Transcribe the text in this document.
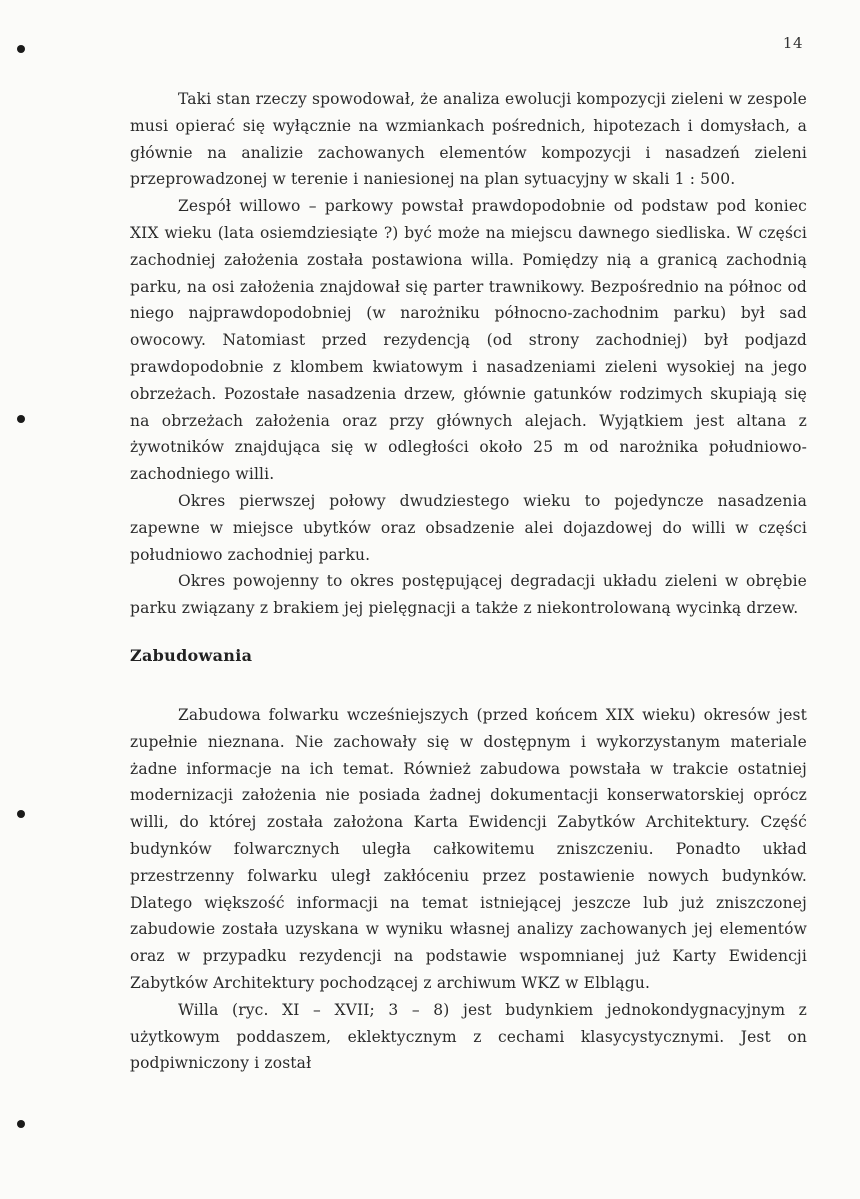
14

Taki stan rzeczy spowodował, że analiza ewolucji kompozycji zieleni w zespole musi opierać się wyłącznie na wzmiankach pośrednich, hipotezach i domysłach, a głównie na analizie zachowanych elementów kompozycji i nasadzeń zieleni przeprowadzonej w terenie i naniesionej na plan sytuacyjny w skali 1 : 500.

Zespół willowo – parkowy powstał prawdopodobnie od podstaw pod koniec XIX wieku (lata osiemdziesiąte ?) być może na miejscu dawnego siedliska. W części zachodniej założenia została postawiona willa. Pomiędzy nią a granicą zachodnią parku, na osi założenia znajdował się parter trawnikowy. Bezpośrednio na północ od niego najprawdopodobniej (w narożniku północno-zachodnim parku) był sad owocowy. Natomiast przed rezydencją (od strony zachodniej) był podjazd prawdopodobnie z klombem kwiatowym i nasadzeniami zieleni wysokiej na jego obrzeżach. Pozostałe nasadzenia drzew, głównie gatunków rodzimych skupiają się na obrzeżach założenia oraz przy głównych alejach. Wyjątkiem jest altana z żywotników znajdująca się w odległości około 25 m od narożnika południowo-zachodniego willi.

Okres pierwszej połowy dwudziestego wieku to pojedyncze nasadzenia zapewne w miejsce ubytków oraz obsadzenie alei dojazdowej do willi w części południowo zachodniej parku.

Okres powojenny to okres postępującej degradacji układu zieleni w obrębie parku związany z brakiem jej pielęgnacji a także z niekontrolowaną wycinką drzew.

Zabudowania

Zabudowa folwarku wcześniejszych (przed końcem XIX wieku) okresów jest zupełnie nieznana. Nie zachowały się w dostępnym i wykorzystanym materiale żadne informacje na ich temat. Również zabudowa powstała w trakcie ostatniej modernizacji założenia nie posiada żadnej dokumentacji konserwatorskiej oprócz willi, do której została założona Karta Ewidencji Zabytków Architektury. Część budynków folwarcznych uległa całkowitemu zniszczeniu. Ponadto układ przestrzenny folwarku uległ zakłóceniu przez postawienie nowych budynków. Dlatego większość informacji na temat istniejącej jeszcze lub już zniszczonej zabudowie została uzyskana w wyniku własnej analizy zachowanych jej elementów oraz w przypadku rezydencji na podstawie wspomnianej już Karty Ewidencji Zabytków Architektury pochodzącej z archiwum WKZ w Elblągu.

Willa (ryc. XI – XVII; 3 – 8) jest budynkiem jednokondygnacyjnym z użytkowym poddaszem, eklektycznym z cechami klasycystycznymi. Jest on podpiwniczony i został
